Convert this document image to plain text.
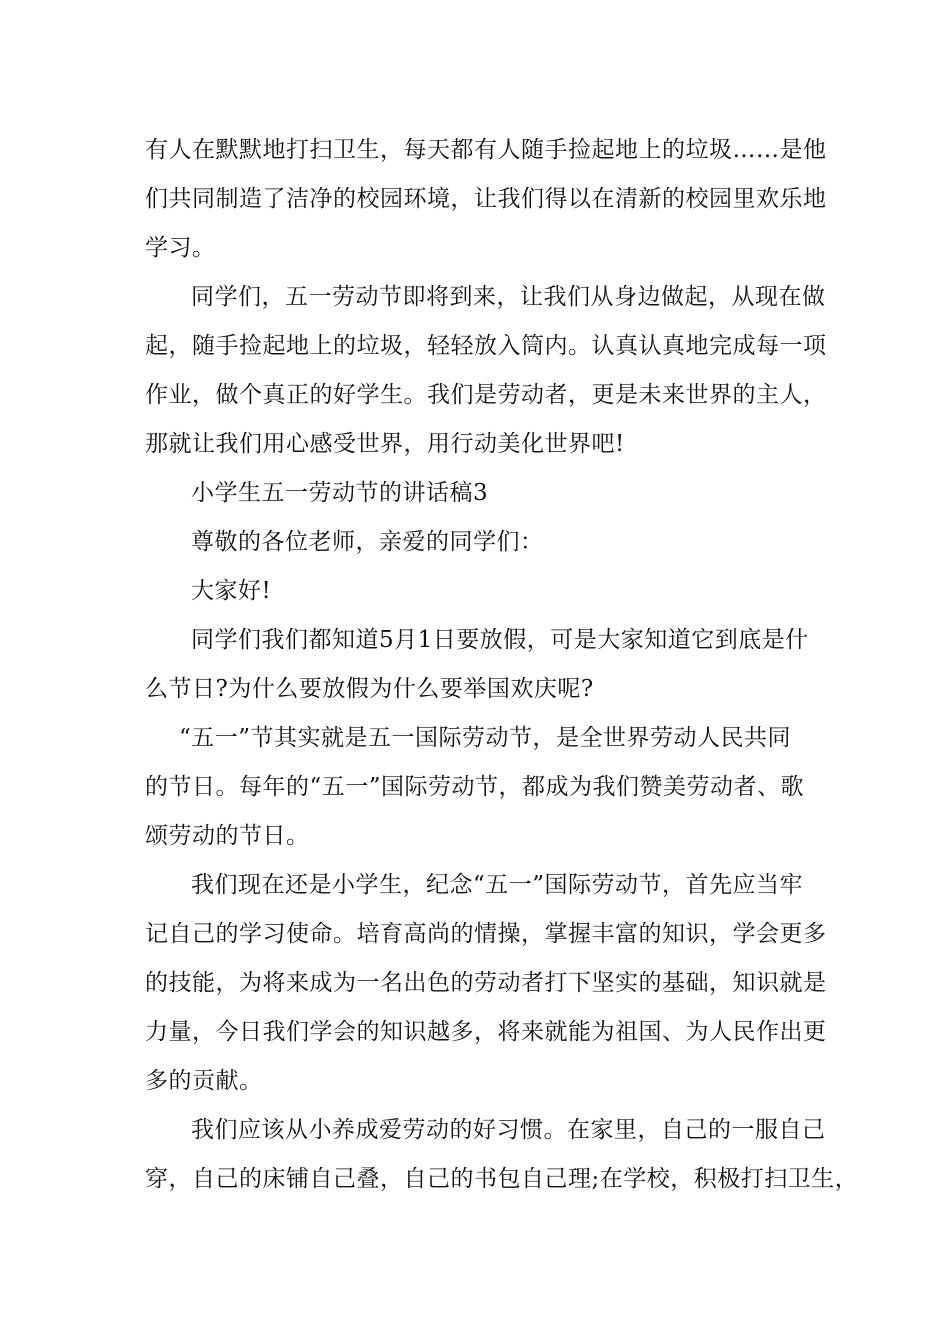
有人在默默地打扫卫生，每天都有人随手捡起地上的垃圾……是他
们共同制造了洁净的校园环境，让我们得以在清新的校园里欢乐地
学习。

同学们，五一劳动节即将到来，让我们从身边做起，从现在做
起，随手捡起地上的垃圾，轻轻放入筒内。认真认真地完成每一项
作业，做个真正的好学生。我们是劳动者，更是未来世界的主人，
那就让我们用心感受世界，用行动美化世界吧!

小学生五一劳动节的讲话稿3

尊敬的各位老师，亲爱的同学们：

大家好!

同学们我们都知道5月1日要放假，可是大家知道它到底是什
么节日?为什么要放假为什么要举国欢庆呢?

“五一”节其实就是五一国际劳动节，是全世界劳动人民共同
的节日。每年的“五一”国际劳动节，都成为我们赞美劳动者、歌
颂劳动的节日。

我们现在还是小学生，纪念“五一”国际劳动节，首先应当牢
记自己的学习使命。培育高尚的情操，掌握丰富的知识，学会更多
的技能，为将来成为一名出色的劳动者打下坚实的基础，知识就是
力量，今日我们学会的知识越多，将来就能为祖国、为人民作出更
多的贡献。

我们应该从小养成爱劳动的好习惯。在家里，自己的一服自己
穿，自己的床铺自己叠，自己的书包自己理;在学校，积极打扫卫生，
